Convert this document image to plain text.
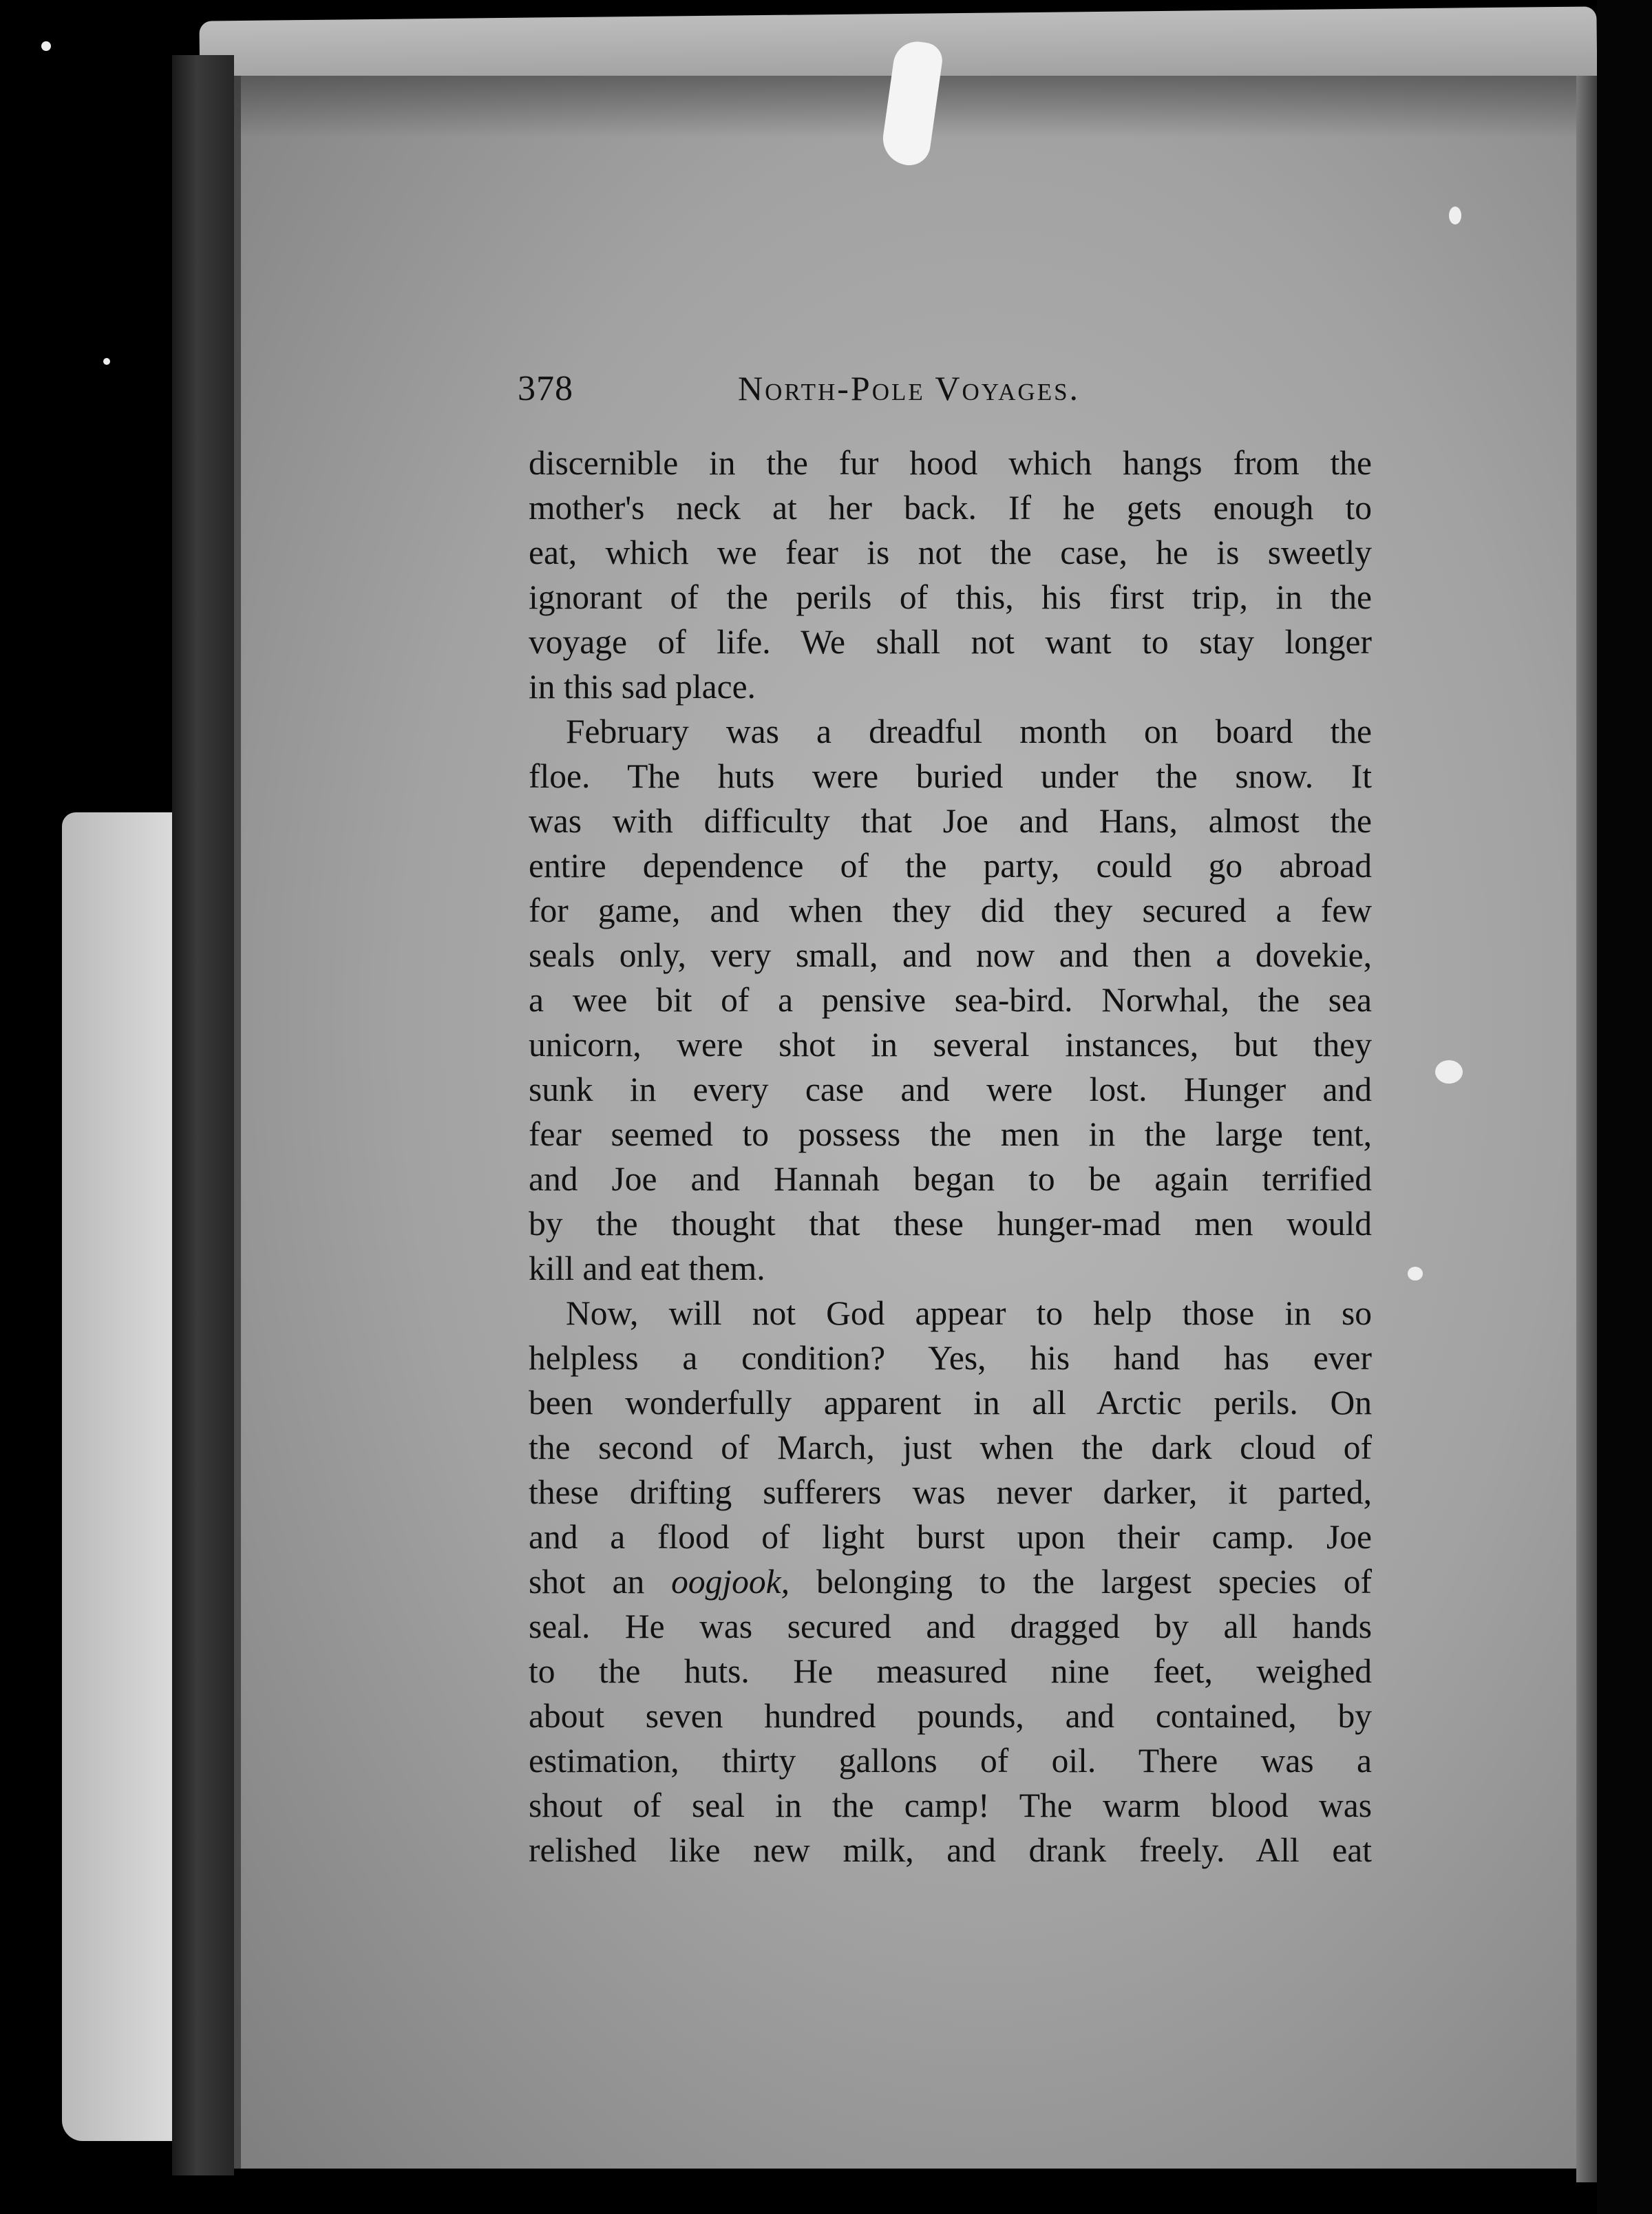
378	North-Pole Voyages.
discernible in the fur hood which hangs from the
mother's neck at her back. If he gets enough to
eat, which we fear is not the case, he is sweetly
ignorant of the perils of this, his first trip, in the
voyage of life. We shall not want to stay longer
in this sad place.
February was a dreadful month on board the
floe. The huts were buried under the snow. It
was with difficulty that Joe and Hans, almost the
entire dependence of the party, could go abroad
for game, and when they did they secured a few
seals only, very small, and now and then a dovekie,
a wee bit of a pensive sea-bird. Norwhal, the sea
unicorn, were shot in several instances, but they
sunk in every case and were lost. Hunger and
fear seemed to possess the men in the large tent,
and Joe and Hannah began to be again terrified
by the thought that these hunger-mad men would
kill and eat them.
Now, will not God appear to help those in so
helpless a condition? Yes, his hand has ever
been wonderfully apparent in all Arctic perils. On
the second of March, just when the dark cloud of
these drifting sufferers was never darker, it parted,
and a flood of light burst upon their camp. Joe
shot an oogjook, belonging to the largest species of
seal. He was secured and dragged by all hands
to the huts. He measured nine feet, weighed
about seven hundred pounds, and contained, by
estimation, thirty gallons of oil. There was a
shout of seal in the camp! The warm blood was
relished like new milk, and drank freely. All eat
